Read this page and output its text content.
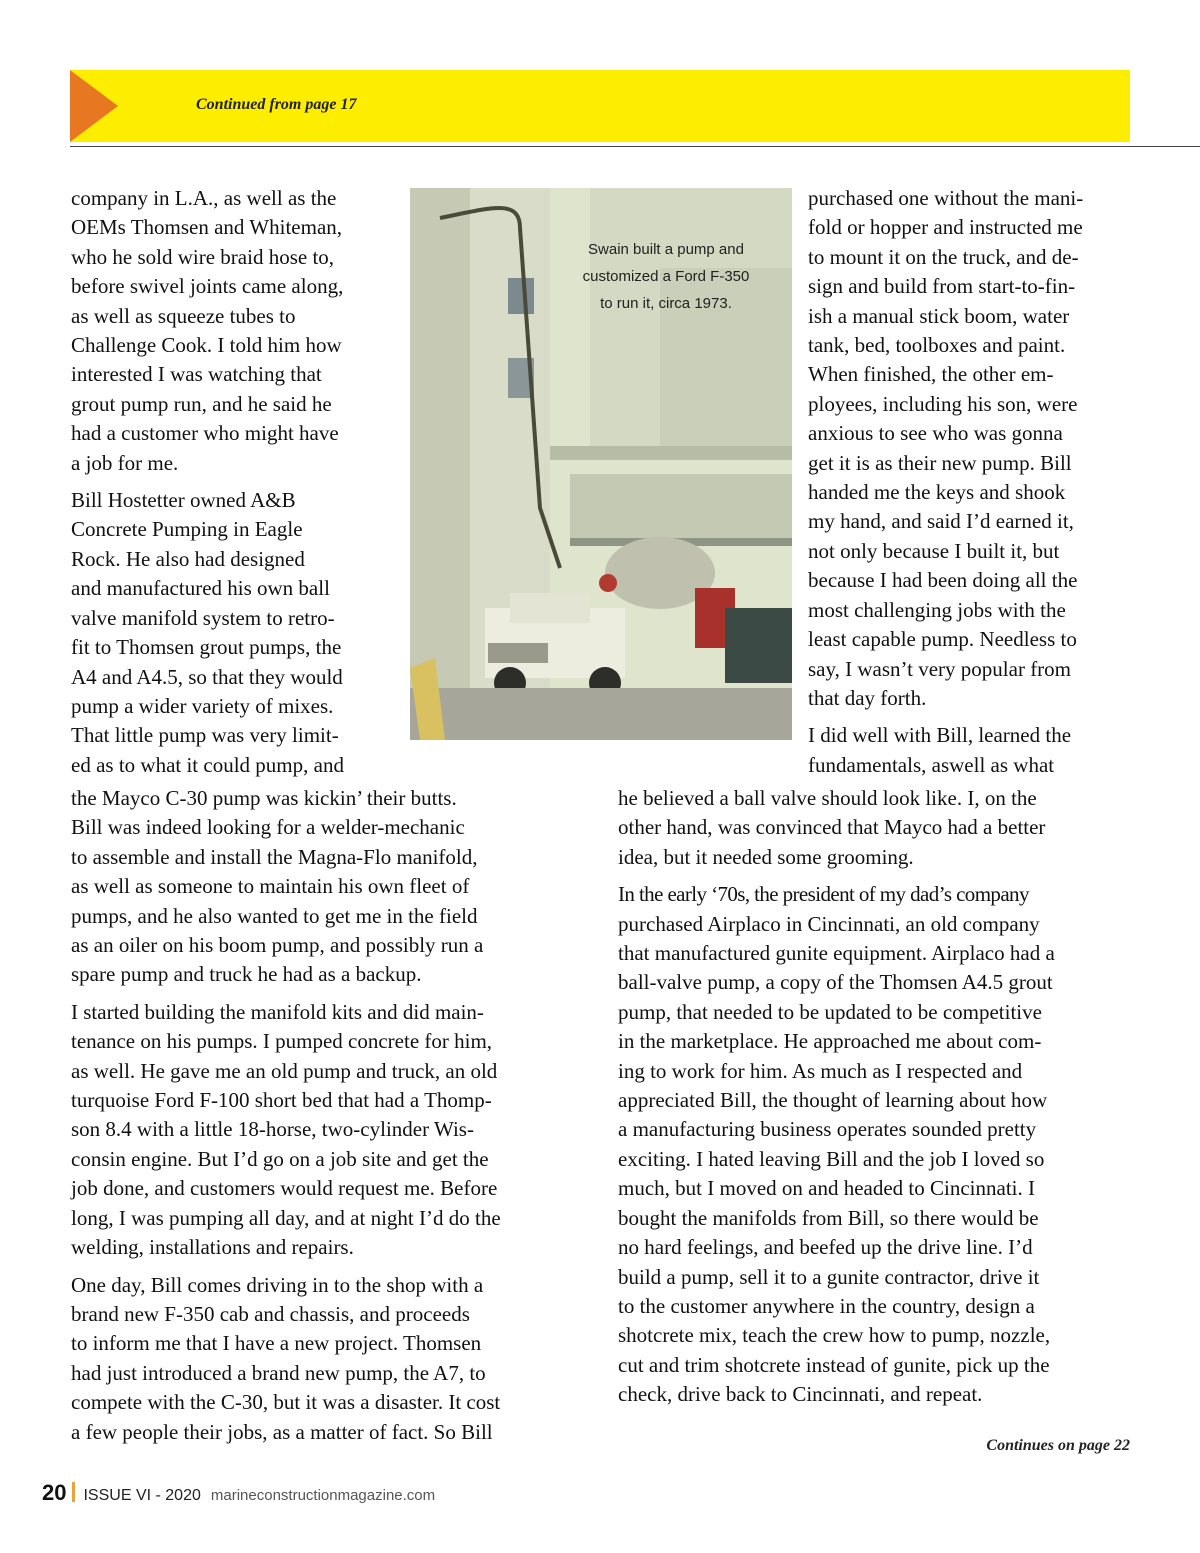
Continued from page 17
Swain built a pump and
customized a Ford F-350
to run it, circa 1973.

company in L.A., as well as the
OEMs Thomsen and Whiteman,
who he sold wire braid hose to,
before swivel joints came along,
as well as squeeze tubes to
Challenge Cook. I told him how
interested I was watching that
grout pump run, and he said he
had a customer who might have
a job for me.

Bill Hostetter owned A&B
Concrete Pumping in Eagle
Rock. He also had designed
and manufactured his own ball
valve manifold system to retro-
fit to Thomsen grout pumps, the
A4 and A4.5, so that they would
pump a wider variety of mixes.
That little pump was very limit-
ed as to what it could pump, and

the Mayco C-30 pump was kickin’ their butts.
Bill was indeed looking for a welder-mechanic
to assemble and install the Magna-Flo manifold,
as well as someone to maintain his own fleet of
pumps, and he also wanted to get me in the field
as an oiler on his boom pump, and possibly run a
spare pump and truck he had as a backup.

I started building the manifold kits and did main-
tenance on his pumps. I pumped concrete for him,
as well. He gave me an old pump and truck, an old
turquoise Ford F-100 short bed that had a Thomp-
son 8.4 with a little 18-horse, two-cylinder Wis-
consin engine. But I’d go on a job site and get the
job done, and customers would request me. Before
long, I was pumping all day, and at night I’d do the
welding, installations and repairs.

One day, Bill comes driving in to the shop with a
brand new F-350 cab and chassis, and proceeds
to inform me that I have a new project. Thomsen
had just introduced a brand new pump, the A7, to
compete with the C-30, but it was a disaster. It cost
a few people their jobs, as a matter of fact. So Bill

purchased one without the mani-
fold or hopper and instructed me
to mount it on the truck, and de-
sign and build from start-to-fin-
ish a manual stick boom, water
tank, bed, toolboxes and paint.
When finished, the other em-
ployees, including his son, were
anxious to see who was gonna
get it is as their new pump. Bill
handed me the keys and shook
my hand, and said I’d earned it,
not only because I built it, but
because I had been doing all the
most challenging jobs with the
least capable pump. Needless to
say, I wasn’t very popular from
that day forth.

I did well with Bill, learned the
fundamentals, aswell as what

he believed a ball valve should look like. I, on the
other hand, was convinced that Mayco had a better
idea, but it needed some grooming.

In the early ‘70s, the president of my dad’s company
purchased Airplaco in Cincinnati, an old company
that manufactured gunite equipment. Airplaco had a
ball-valve pump, a copy of the Thomsen A4.5 grout
pump, that needed to be updated to be competitive
in the marketplace. He approached me about com-
ing to work for him. As much as I respected and
appreciated Bill, the thought of learning about how
a manufacturing business operates sounded pretty
exciting. I hated leaving Bill and the job I loved so
much, but I moved on and headed to Cincinnati. I
bought the manifolds from Bill, so there would be
no hard feelings, and beefed up the drive line. I’d
build a pump, sell it to a gunite contractor, drive it
to the customer anywhere in the country, design a
shotcrete mix, teach the crew how to pump, nozzle,
cut and trim shotcrete instead of gunite, pick up the
check, drive back to Cincinnati, and repeat.

Continues on page 22
20 ISSUE VI - 2020 marineconstructionmagazine.com
